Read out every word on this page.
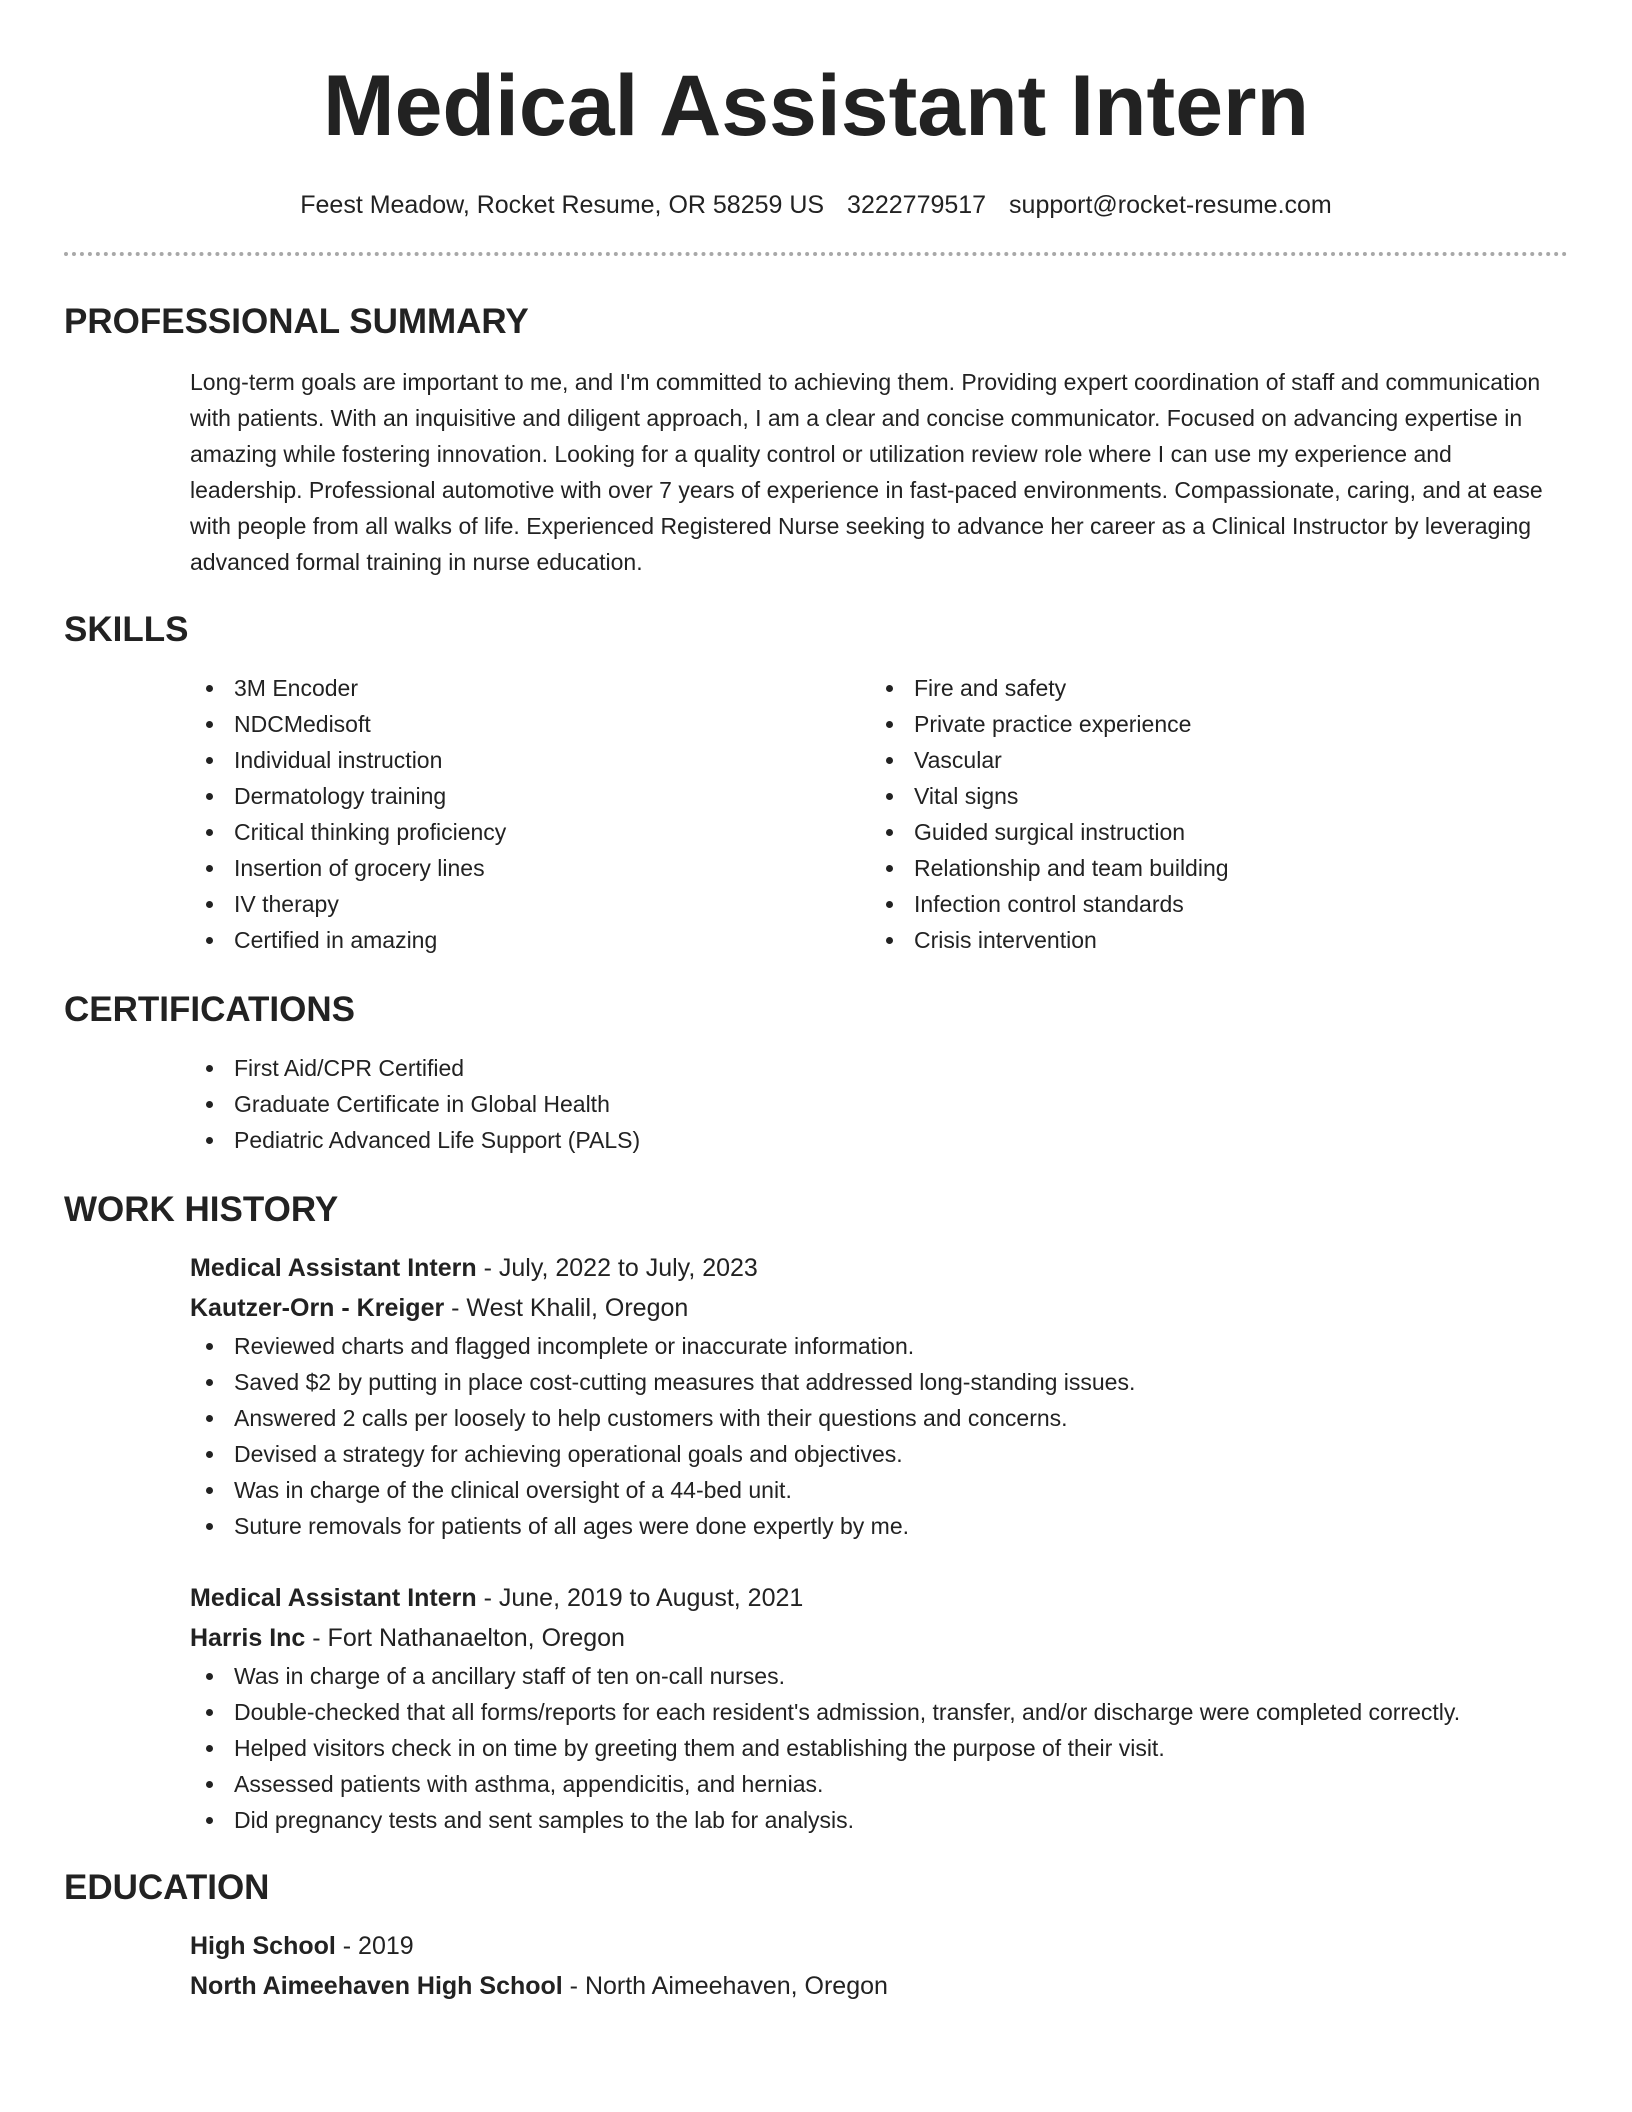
Medical Assistant Intern
Feest Meadow, Rocket Resume, OR 58259 US 3222779517 support@rocket-resume.com
PROFESSIONAL SUMMARY

Long-term goals are important to me, and I'm committed to achieving them. Providing expert coordination of staff and communication with patients. With an inquisitive and diligent approach, I am a clear and concise communicator. Focused on advancing expertise in amazing while fostering innovation. Looking for a quality control or utilization review role where I can use my experience and leadership. Professional automotive with over 7 years of experience in fast-paced environments. Compassionate, caring, and at ease with people from all walks of life. Experienced Registered Nurse seeking to advance her career as a Clinical Instructor by leveraging advanced formal training in nurse education.

SKILLS
3M Encoder
NDCMedisoft
Individual instruction
Dermatology training
Critical thinking proficiency
Insertion of grocery lines
IV therapy
Certified in amazing
Fire and safety
Private practice experience
Vascular
Vital signs
Guided surgical instruction
Relationship and team building
Infection control standards
Crisis intervention
CERTIFICATIONS
First Aid/CPR Certified
Graduate Certificate in Global Health
Pediatric Advanced Life Support (PALS)
WORK HISTORY
Medical Assistant Intern - July, 2022 to July, 2023
Kautzer-Orn - Kreiger - West Khalil, Oregon
Reviewed charts and flagged incomplete or inaccurate information.
Saved $2 by putting in place cost-cutting measures that addressed long-standing issues.
Answered 2 calls per loosely to help customers with their questions and concerns.
Devised a strategy for achieving operational goals and objectives.
Was in charge of the clinical oversight of a 44-bed unit.
Suture removals for patients of all ages were done expertly by me.
Medical Assistant Intern - June, 2019 to August, 2021
Harris Inc - Fort Nathanaelton, Oregon
Was in charge of a ancillary staff of ten on-call nurses.
Double-checked that all forms/reports for each resident's admission, transfer, and/or discharge were completed correctly.
Helped visitors check in on time by greeting them and establishing the purpose of their visit.
Assessed patients with asthma, appendicitis, and hernias.
Did pregnancy tests and sent samples to the lab for analysis.
EDUCATION
High School - 2019
North Aimeehaven High School - North Aimeehaven, Oregon
